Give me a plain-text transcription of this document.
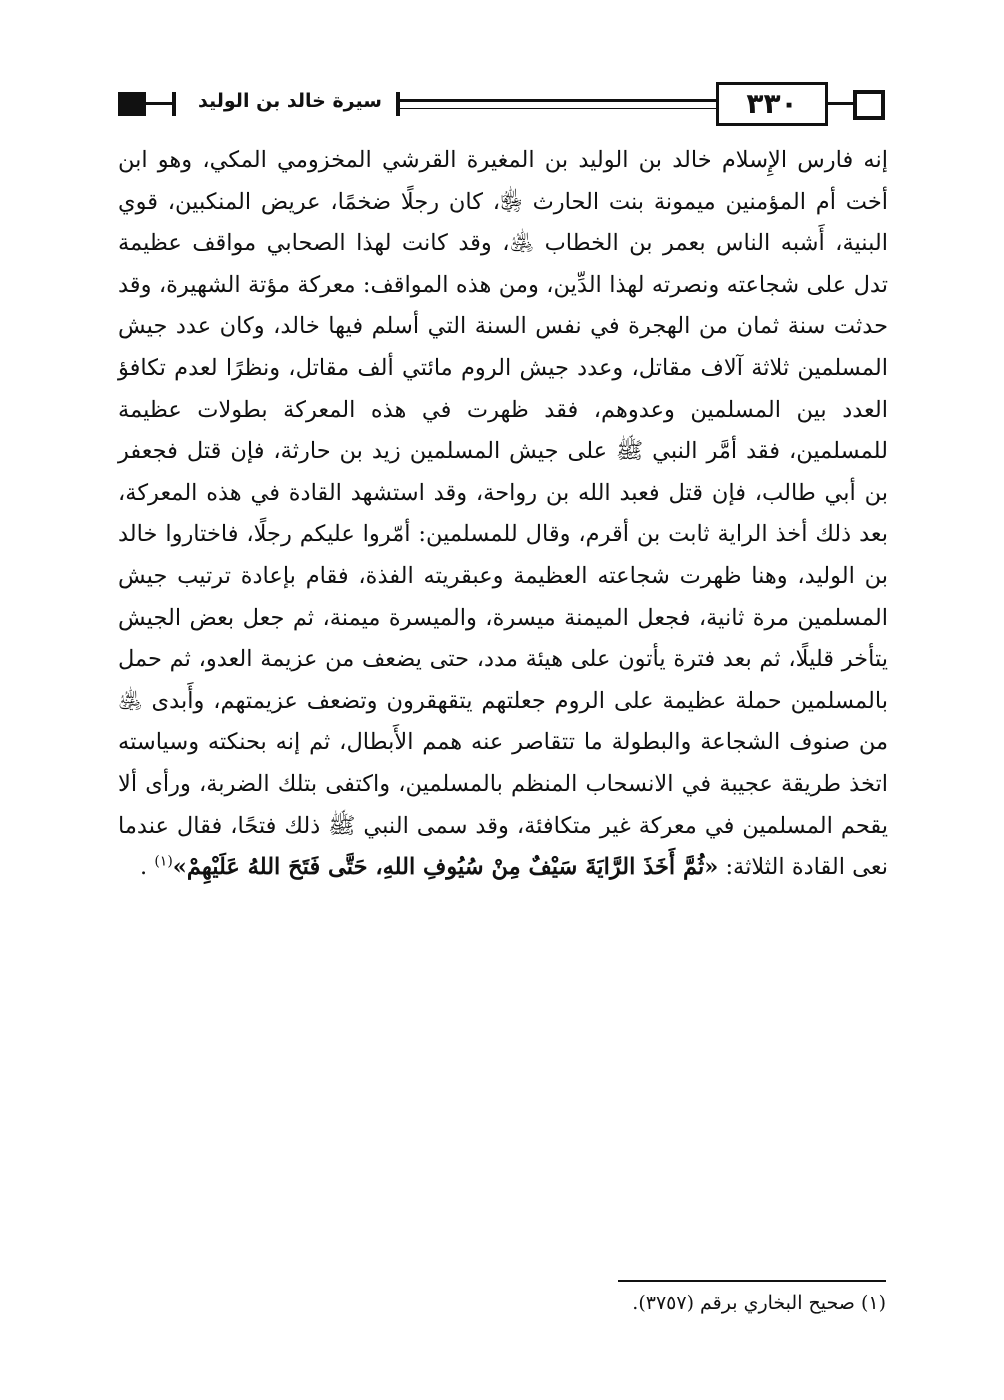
سيرة خالد بن الوليد	٣٣٠
إنه فارس الإِسلام خالد بن الوليد بن المغيرة القرشي المخزومي المكي، وهو ابن أخت أم المؤمنين ميمونة بنت الحارث ﵂، كان رجلًا ضخمًا، عريض المنكبين، قوي البنية، أَشبه الناس بعمر بن الخطاب ﵁، وقد كانت لهذا الصحابي مواقف عظيمة تدل على شجاعته ونصرته لهذا الدِّين، ومن هذه المواقف: معركة مؤتة الشهيرة، وقد حدثت سنة ثمان من الهجرة في نفس السنة التي أسلم فيها خالد، وكان عدد جيش المسلمين ثلاثة آلاف مقاتل، وعدد جيش الروم مائتي ألف مقاتل، ونظرًا لعدم تكافؤ العدد بين المسلمين وعدوهم، فقد ظهرت في هذه المعركة بطولات عظيمة للمسلمين، فقد أمَّر النبي ﷺ على جيش المسلمين زيد بن حارثة، فإن قتل فجعفر بن أبي طالب، فإن قتل فعبد الله بن رواحة، وقد استشهد القادة في هذه المعركة، بعد ذلك أخذ الراية ثابت بن أقرم، وقال للمسلمين: أمّروا عليكم رجلًا، فاختاروا خالد بن الوليد، وهنا ظهرت شجاعته العظيمة وعبقريته الفذة، فقام بإعادة ترتيب جيش المسلمين مرة ثانية، فجعل الميمنة ميسرة، والميسرة ميمنة، ثم جعل بعض الجيش يتأخر قليلًا، ثم بعد فترة يأتون على هيئة مدد، حتى يضعف من عزيمة العدو، ثم حمل بالمسلمين حملة عظيمة على الروم جعلتهم يتقهقرون وتضعف عزيمتهم، وأَبدى ﵁ من صنوف الشجاعة والبطولة ما تتقاصر عنه همم الأَبطال، ثم إنه بحنكته وسياسته اتخذ طريقة عجيبة في الانسحاب المنظم بالمسلمين، واكتفى بتلك الضربة، ورأى ألا يقحم المسلمين في معركة غير متكافئة، وقد سمى النبي ﷺ ذلك فتحًا، فقال عندما نعى القادة الثلاثة: «ثُمَّ أَخَذَ الرَّايَةَ سَيْفٌ مِنْ سُيُوفِ اللهِ، حَتَّى فَتَحَ اللهُ عَلَيْهِمْ»$^{(١)}$ .
(١) صحيح البخاري برقم (٣٧٥٧).
